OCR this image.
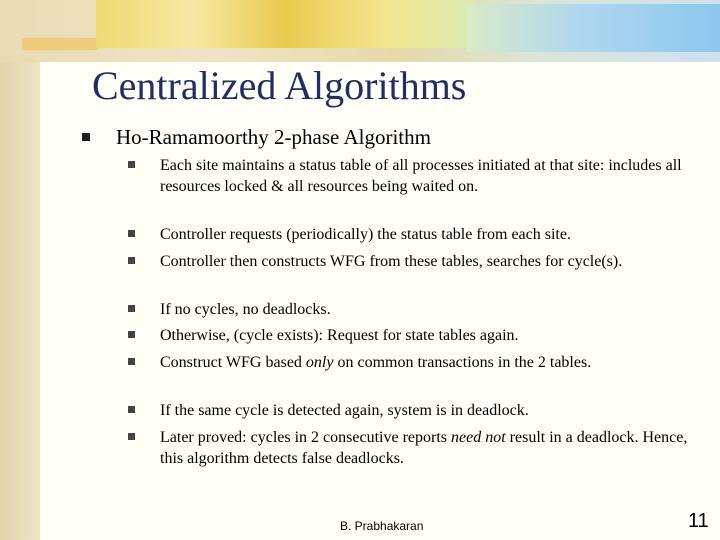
Centralized Algorithms
Ho-Ramamoorthy 2-phase Algorithm
Each site maintains a status table of all processes initiated at that site: includes all resources locked & all resources being waited on.
Controller requests (periodically) the status table from each site.
Controller then constructs WFG from these tables, searches for cycle(s).
If no cycles, no deadlocks.
Otherwise, (cycle exists): Request for state tables again.
Construct WFG based only on common transactions in the 2 tables.
If the same cycle is detected again, system is in deadlock.
Later proved: cycles in 2 consecutive reports need not result in a deadlock. Hence, this algorithm detects false deadlocks.
B. Prabhakaran	11
